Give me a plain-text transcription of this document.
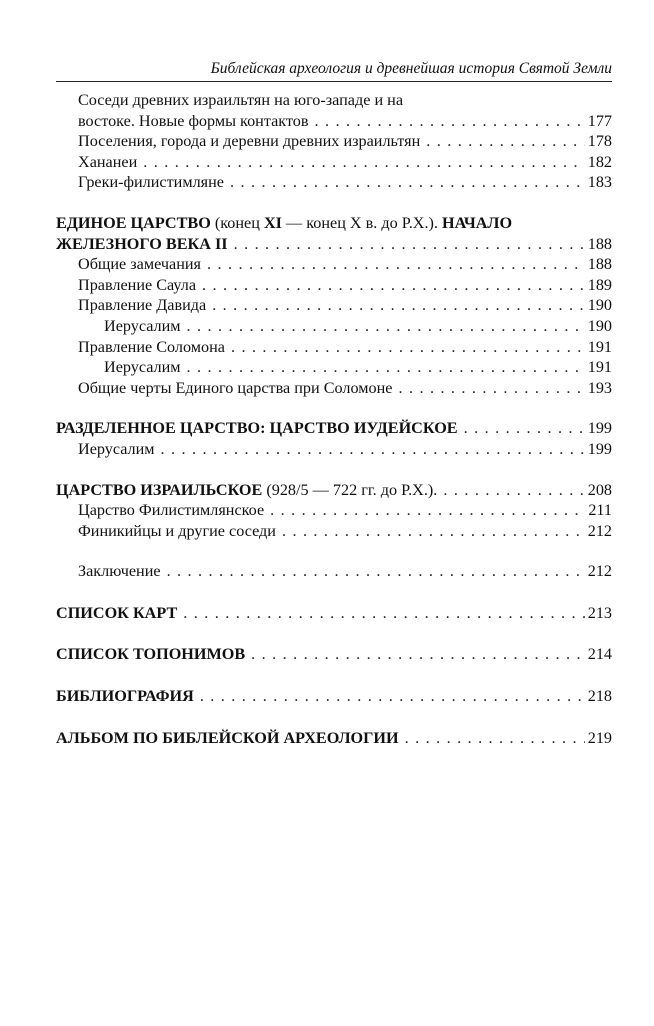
Библейская археология и древнейшая история Святой Земли
Соседи древних израильтян на юго-западе и на
востоке. Новые формы контактов . . .	177
Поселения, города и деревни древних израильтян . . .	178
Хананеи . . .	182
Греки-филистимляне . . .	183
ЕДИНОЕ ЦАРСТВО (конец XI — конец X в. до Р.Х.). НАЧАЛО
ЖЕЛЕЗНОГО ВЕКА II . . .	188
Общие замечания . . .	188
Правление Саула . . .	189
Правление Давида . . .	190
Иерусалим . . .	190
Правление Соломона . . .	191
Иерусалим . . .	191
Общие черты Единого царства при Соломоне . . .	193
РАЗДЕЛЕННОЕ ЦАРСТВО: ЦАРСТВО ИУДЕЙСКОЕ . . .	199
Иерусалим . . .	199
ЦАРСТВО ИЗРАИЛЬСКОЕ (928/5 — 722 гг. до Р.Х.). . . .	208
Царство Филистимлянское . . .	211
Финикийцы и другие соседи . . .	212
Заключение . . .	212
СПИСОК КАРТ . . .	213
СПИСОК ТОПОНИМОВ . . .	214
БИБЛИОГРАФИЯ . . .	218
АЛЬБОМ ПО БИБЛЕЙСКОЙ АРХЕОЛОГИИ . . .	219
